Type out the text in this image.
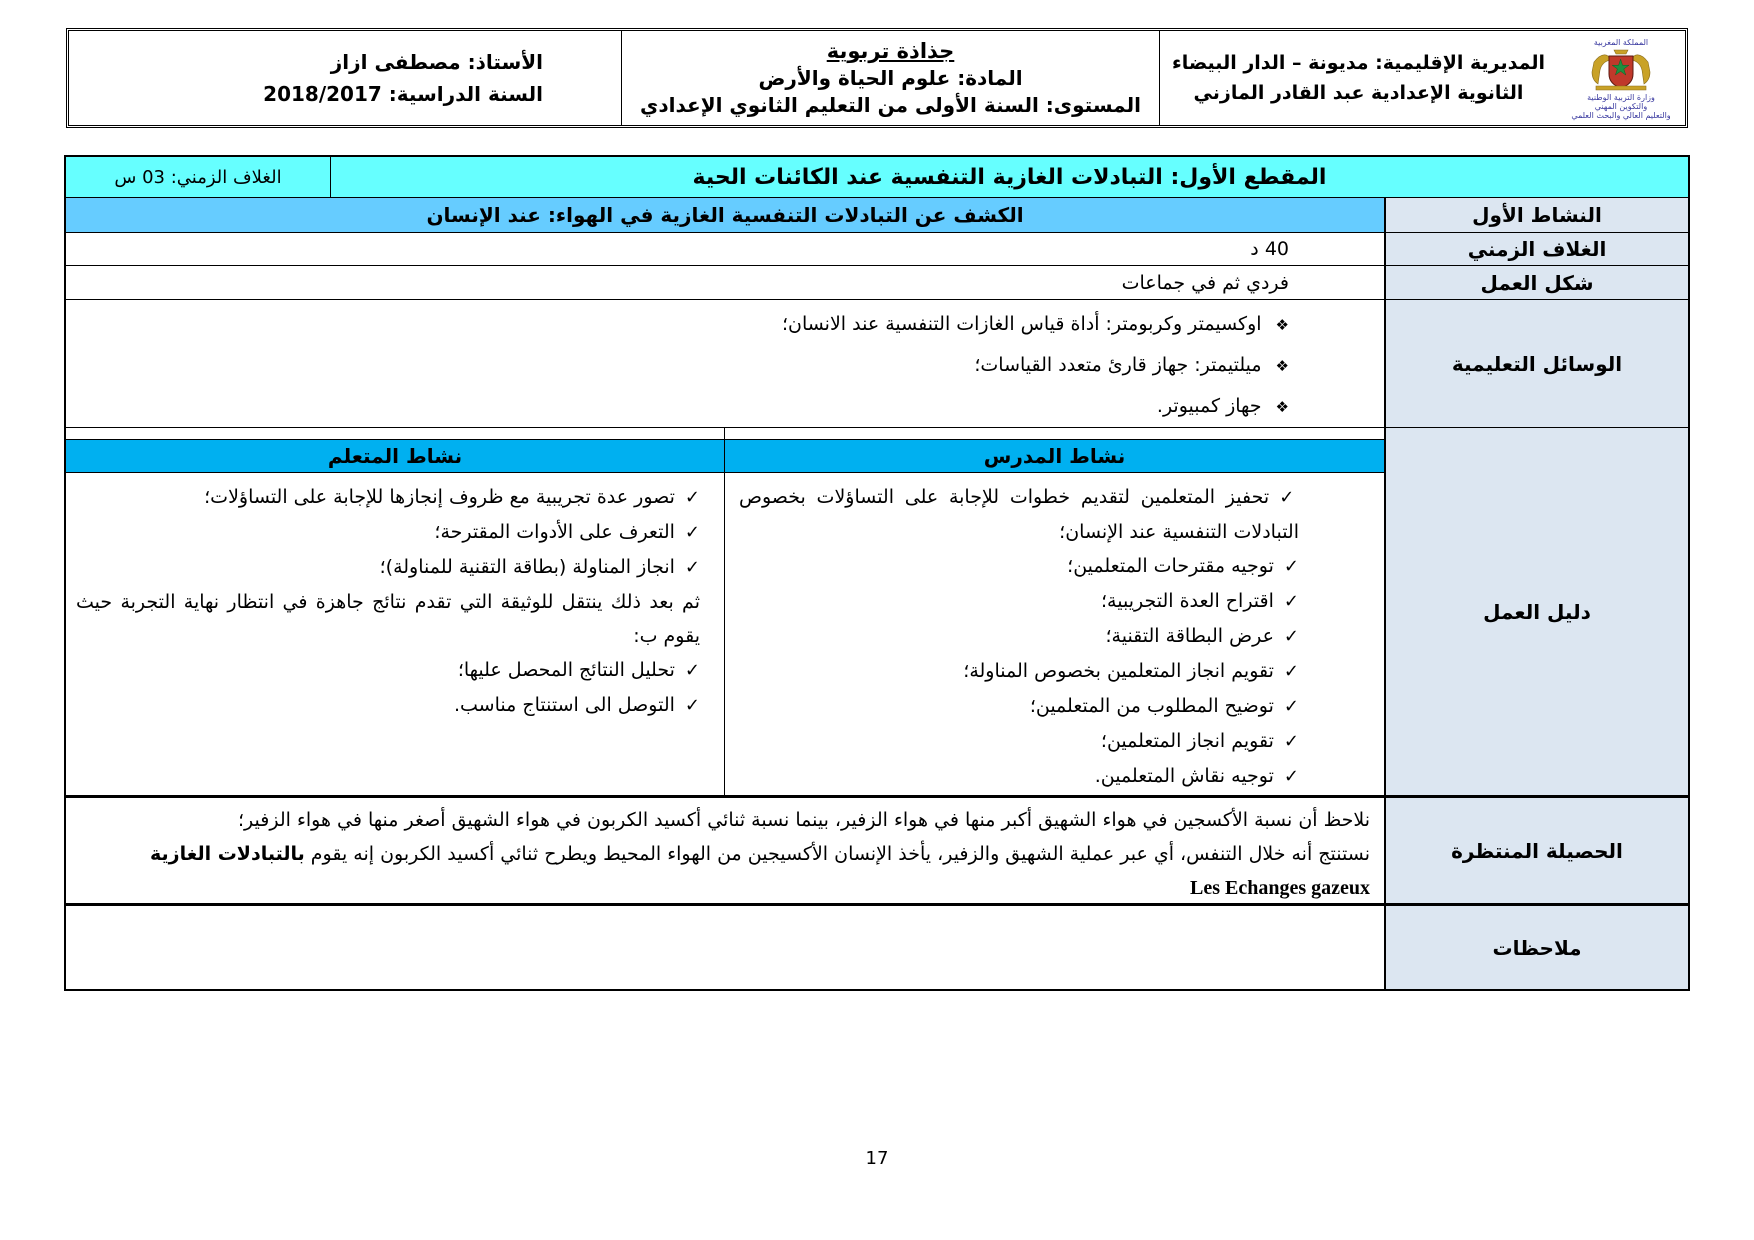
المملكة المغربية
وزارة التربية الوطنية
والتكوين المهني
والتعليم العالي والبحث العلمي
المديرية الإقليمية: مديونة – الدار البيضاء
الثانوية الإعدادية عبد القادر المازني
جذاذة تربوية
المادة: علوم الحياة والأرض
المستوى: السنة الأولى من التعليم الثانوي الإعدادي
الأستاذ: مصطفى ازاز
السنة الدراسية: 2018/2017
المقطع الأول: التبادلات الغازية التنفسية عند الكائنات الحية
الغلاف الزمني: 03 س
النشاط الأول
الكشف عن التبادلات التنفسية الغازية في الهواء: عند الإنسان
الغلاف الزمني
40 د
شكل العمل
فردي ثم في جماعات
الوسائل التعليمية
❖اوكسيمتر وكربومتر: أداة قياس الغازات التنفسية عند الانسان؛
❖ميلتيمتر: جهاز قارئ متعدد القياسات؛
❖جهاز كمبيوتر.
دليل العمل
نشاط المدرس
✓تحفيز المتعلمين لتقديم خطوات للإجابة على التساؤلات بخصوص التبادلات التنفسية عند الإنسان؛
✓توجيه مقترحات المتعلمين؛
✓اقتراح العدة التجريبية؛
✓عرض البطاقة التقنية؛
✓تقويم انجاز المتعلمين بخصوص المناولة؛
✓توضيح المطلوب من المتعلمين؛
✓تقويم انجاز المتعلمين؛
✓توجيه نقاش المتعلمين.
نشاط المتعلم
✓تصور عدة تجريبية مع ظروف إنجازها للإجابة على التساؤلات؛
✓التعرف على الأدوات المقترحة؛
✓انجاز المناولة (بطاقة التقنية للمناولة)؛

ثم بعد ذلك ينتقل للوثيقة التي تقدم نتائج جاهزة في انتظار نهاية التجربة حيث يقوم ب:

✓تحليل النتائج المحصل عليها؛
✓التوصل الى استنتاج مناسب.
الحصيلة المنتظرة

نلاحظ أن نسبة الأكسجين في هواء الشهيق أكبر منها في هواء الزفير، بينما نسبة ثنائي أكسيد الكربون في هواء الشهيق أصغر منها في هواء الزفير؛

نستنتج أنه خلال التنفس، أي عبر عملية الشهيق والزفير، يأخذ الإنسان الأكسيجين من الهواء المحيط ويطرح ثنائي أكسيد الكربون إنه يقوم بالتبادلات الغازية

Les Echanges gazeux

ملاحظات
17
